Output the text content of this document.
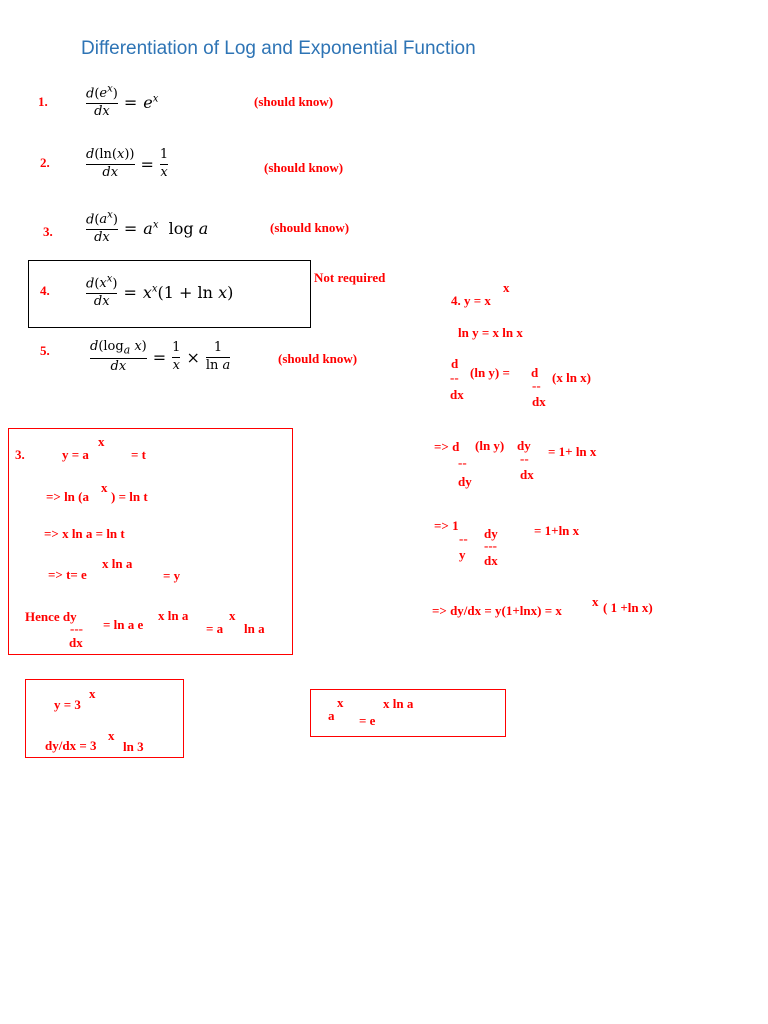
Differentiation of Log and Exponential Function
1.	$\frac{d(e^x)}{dx} = e^x$	(should know)
2.	$\frac{d(\ln(x))}{dx} = \frac{1}{x}$	(should know)
3.	$\frac{d(a^x)}{dx} = a^x$  log a	(should know)
4.	$\frac{d(x^x)}{dx} = x^x(1 + \ln x)$
Not required
5.	$\frac{d(\log_a x)}{dx} = \frac{1}{x} \times \frac{1}{\text{ln a}}$	(should know)
4. y = x
x
ln y = x ln x
d
--
dx
(ln y) = d
--
dx
(x ln x)
=> d (ln y) dy
--
dy
--
dx
= 1+ ln x
=> 1
--
y
dy
---
dx
= 1+ln x
=> dy/dx = y(1+lnx) = x
x ( 1 +ln x)
3.	y = a
x
= t
=> ln (a
x
) = ln t
=> x ln a = ln t
=> t= e
x ln a
= y
Hence dy
---
dx
= ln a e
x ln a
= a
x
ln a
y = 3
x
dy/dx = 3
x
ln 3
a
x
= e
x ln a
